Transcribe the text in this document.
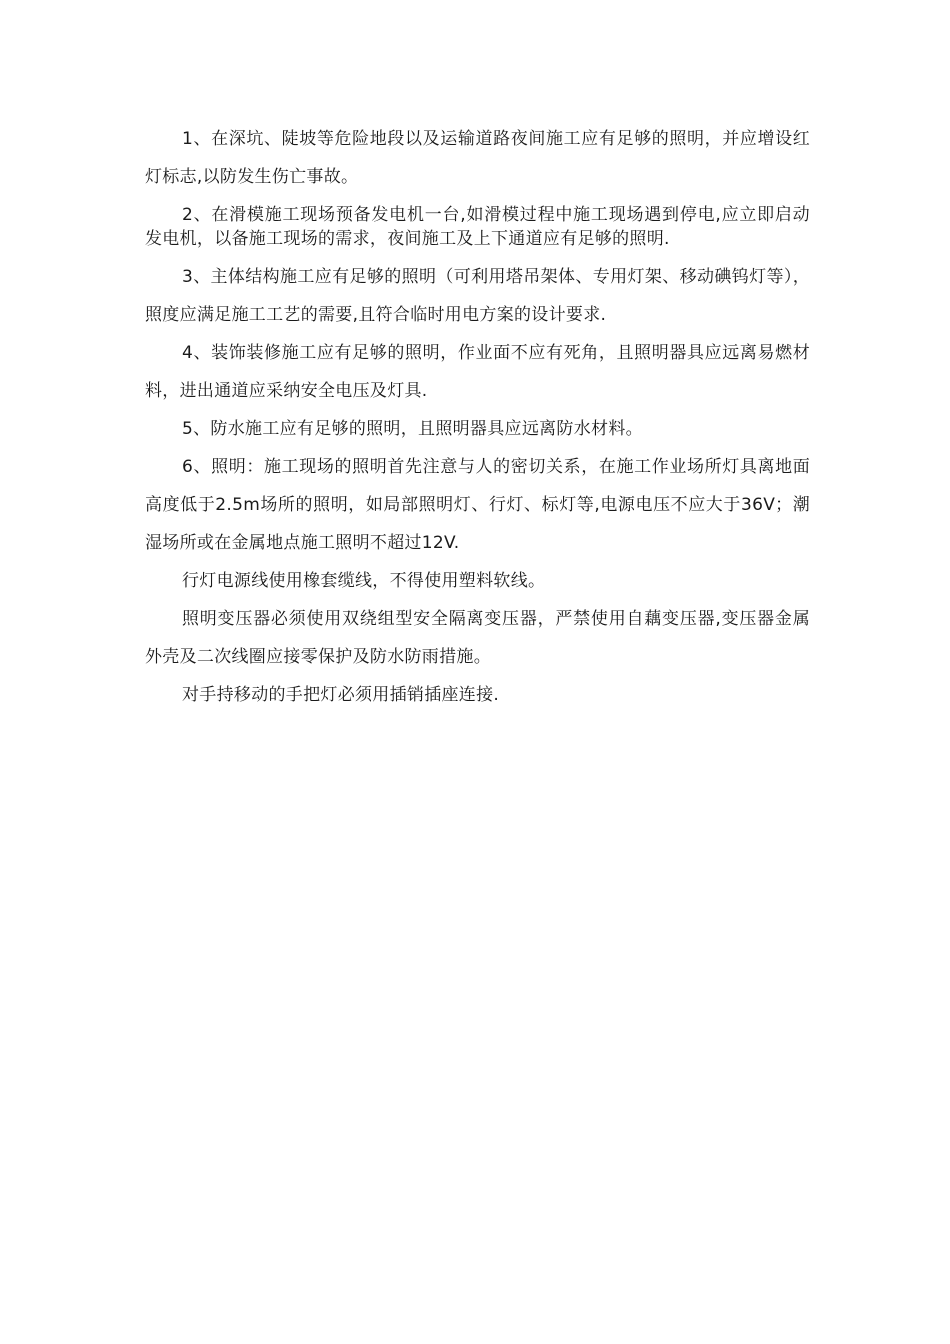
1、在深坑、陡坡等危险地段以及运输道路夜间施工应有足够的照明，并应增设红灯标志,以防发生伤亡事故。

2、在滑模施工现场预备发电机一台,如滑模过程中施工现场遇到停电,应立即启动发电机，以备施工现场的需求，夜间施工及上下通道应有足够的照明.

3、主体结构施工应有足够的照明（可利用塔吊架体、专用灯架、移动碘钨灯等），照度应满足施工工艺的需要,且符合临时用电方案的设计要求.

4、装饰装修施工应有足够的照明，作业面不应有死角，且照明器具应远离易燃材料，进出通道应采纳安全电压及灯具.

5、防水施工应有足够的照明，且照明器具应远离防水材料。

6、照明：施工现场的照明首先注意与人的密切关系，在施工作业场所灯具离地面高度低于2.5m场所的照明，如局部照明灯、行灯、标灯等,电源电压不应大于36V；潮湿场所或在金属地点施工照明不超过12V.

行灯电源线使用橡套缆线，不得使用塑料软线。

照明变压器必须使用双绕组型安全隔离变压器，严禁使用自藕变压器,变压器金属外壳及二次线圈应接零保护及防水防雨措施。

对手持移动的手把灯必须用插销插座连接.
